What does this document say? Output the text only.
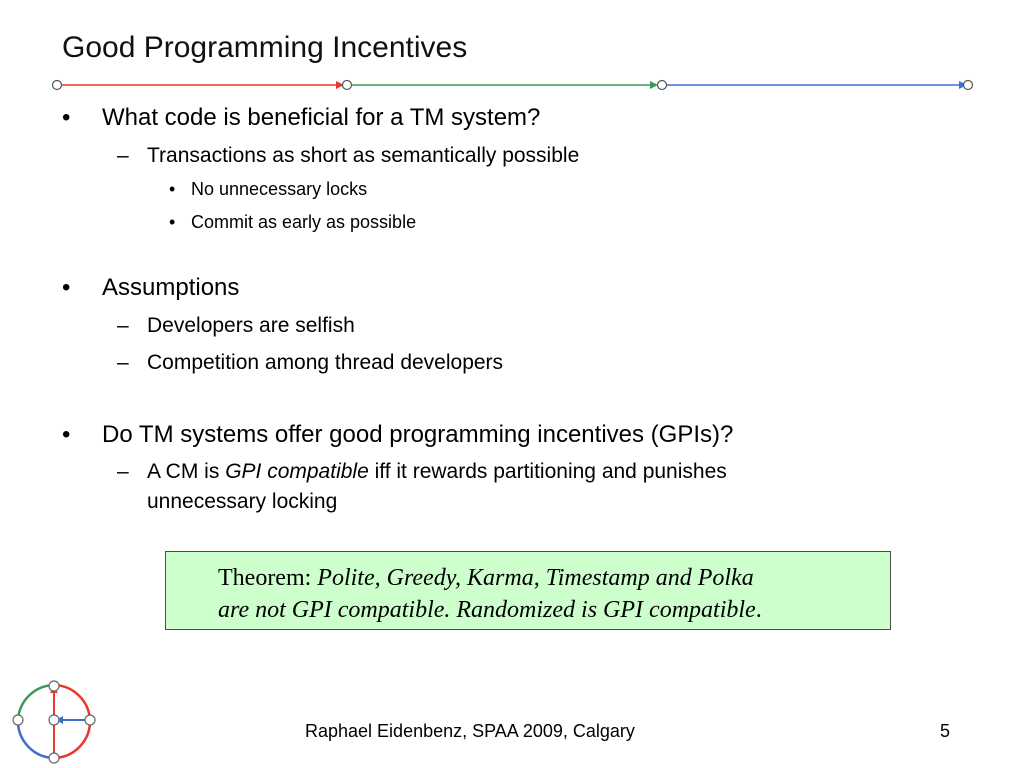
Good Programming Incentives
• What code is beneficial for a TM system?
– Transactions as short as semantically possible
• No unnecessary locks
• Commit as early as possible
• Assumptions
– Developers are selfish
– Competition among thread developers
• Do TM systems offer good programming incentives (GPIs)?
– A CM is GPI compatible iff it rewards partitioning and punishes
unnecessary locking
Theorem: Polite, Greedy, Karma, Timestamp and Polka
are not GPI compatible. Randomized is GPI compatible.
Raphael Eidenbenz, SPAA 2009, Calgary	5
